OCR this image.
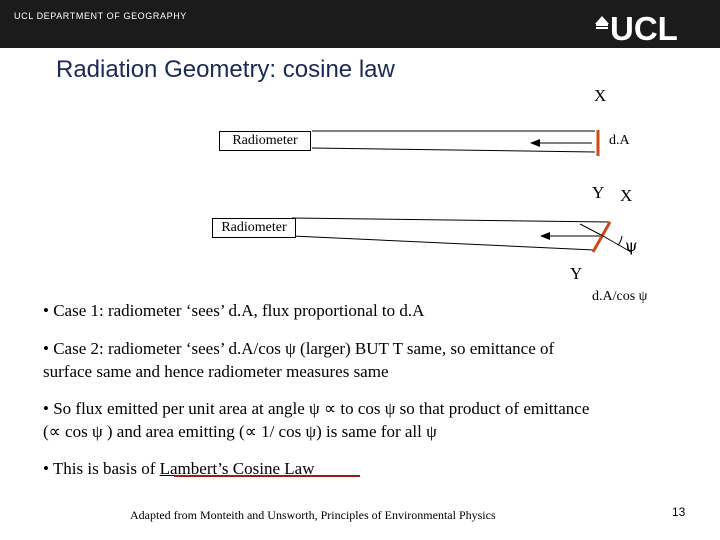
UCL DEPARTMENT OF GEOGRAPHY	UCL
Radiation Geometry: cosine law
Radiometer
X
d.A
Y X
Radiometer
ψ
Y
d.A/cos ψ
• Case 1: radiometer ‘sees’ d.A, flux proportional to d.A
• Case 2: radiometer ‘sees’ d.A/cos ψ (larger) BUT T same, so emittance of
surface same and hence radiometer measures same
• So flux emitted per unit area at angle ψ ∝ to cos ψ so that product of emittance
(∝ cos ψ ) and area emitting (∝ 1/ cos ψ) is same for all ψ
• This is basis of Lambert’s Cosine Law
Adapted from Monteith and Unsworth, Principles of Environmental Physics	13
